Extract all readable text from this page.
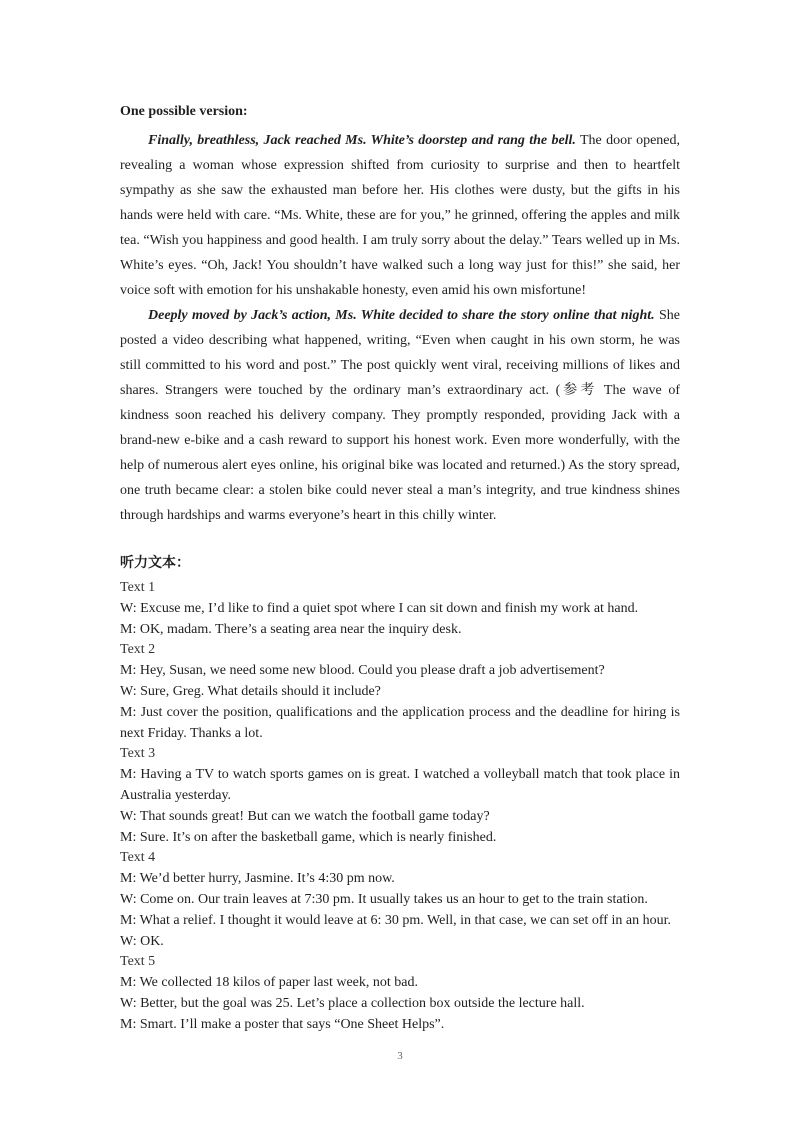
One possible version:

Finally, breathless, Jack reached Ms. White’s doorstep and rang the bell. The door opened, revealing a woman whose expression shifted from curiosity to surprise and then to heartfelt sympathy as she saw the exhausted man before her. His clothes were dusty, but the gifts in his hands were held with care. “Ms. White, these are for you,” he grinned, offering the apples and milk tea. “Wish you happiness and good health. I am truly sorry about the delay.” Tears welled up in Ms. White’s eyes. “Oh, Jack! You shouldn’t have walked such a long way just for this!” she said, her voice soft with emotion for his unshakable honesty, even amid his own misfortune!

Deeply moved by Jack’s action, Ms. White decided to share the story online that night. She posted a video describing what happened, writing, “Even when caught in his own storm, he was still committed to his word and post.” The post quickly went viral, receiving millions of likes and shares. Strangers were touched by the ordinary man’s extraordinary act. (参考 The wave of kindness soon reached his delivery company. They promptly responded, providing Jack with a brand-new e-bike and a cash reward to support his honest work. Even more wonderfully, with the help of numerous alert eyes online, his original bike was located and returned.) As the story spread, one truth became clear: a stolen bike could never steal a man’s integrity, and true kindness shines through hardships and warms everyone’s heart in this chilly winter.

听力文本：
Text 1
W: Excuse me, I’d like to find a quiet spot where I can sit down and finish my work at hand.
M: OK, madam. There’s a seating area near the inquiry desk.
Text 2
M: Hey, Susan, we need some new blood. Could you please draft a job advertisement?
W: Sure, Greg. What details should it include?
M: Just cover the position, qualifications and the application process and the deadline for hiring is next Friday. Thanks a lot.
Text 3
M: Having a TV to watch sports games on is great. I watched a volleyball match that took place in Australia yesterday.
W: That sounds great! But can we watch the football game today?
M: Sure. It’s on after the basketball game, which is nearly finished.
Text 4
M: We’d better hurry, Jasmine. It’s 4:30 pm now.
W: Come on. Our train leaves at 7:30 pm. It usually takes us an hour to get to the train station.
M: What a relief. I thought it would leave at 6: 30 pm. Well, in that case, we can set off in an hour.
W: OK.
Text 5
M: We collected 18 kilos of paper last week, not bad.
W: Better, but the goal was 25. Let’s place a collection box outside the lecture hall.
M: Smart. I’ll make a poster that says “One Sheet Helps”.
3
